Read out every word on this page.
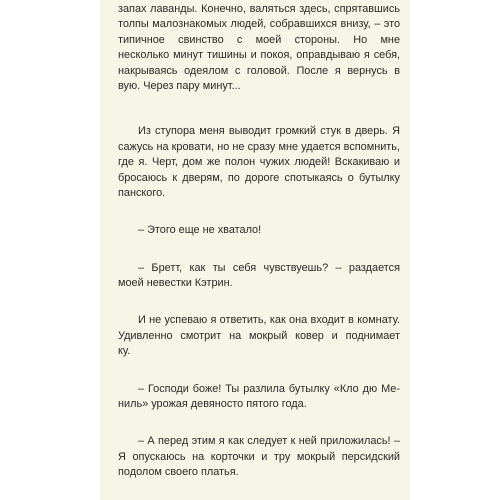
запах лаванды. Конечно, валяться здесь, спрятавшись
толпы малознакомых людей, собравшихся внизу, – это
типичное свинство с моей стороны. Но мне
несколько минут тишины и покоя, оправдываю я себя,
накрываясь одеялом с головой. После я вернусь в
вую. Через пару минут...
Из ступора меня выводит громкий стук в дверь. Я
сажусь на кровати, но не сразу мне удается вспомнить,
где я. Черт, дом же полон чужих людей! Вскакиваю и
бросаюсь к дверям, по дороге спотыкаясь о бутылку
панского.
– Этого еще не хватало!
– Бретт, как ты себя чувствуешь? – раздается
моей невестки Кэтрин.
И не успеваю я ответить, как она входит в комнату.
Удивленно смотрит на мокрый ковер и поднимает
ку.
– Господи боже! Ты разлила бутылку «Кло дю Ме-
ниль» урожая девяносто пятого года.
– А перед этим я как следует к ней приложилась! –
Я опускаюсь на корточки и тру мокрый персидский
подолом своего платья.
